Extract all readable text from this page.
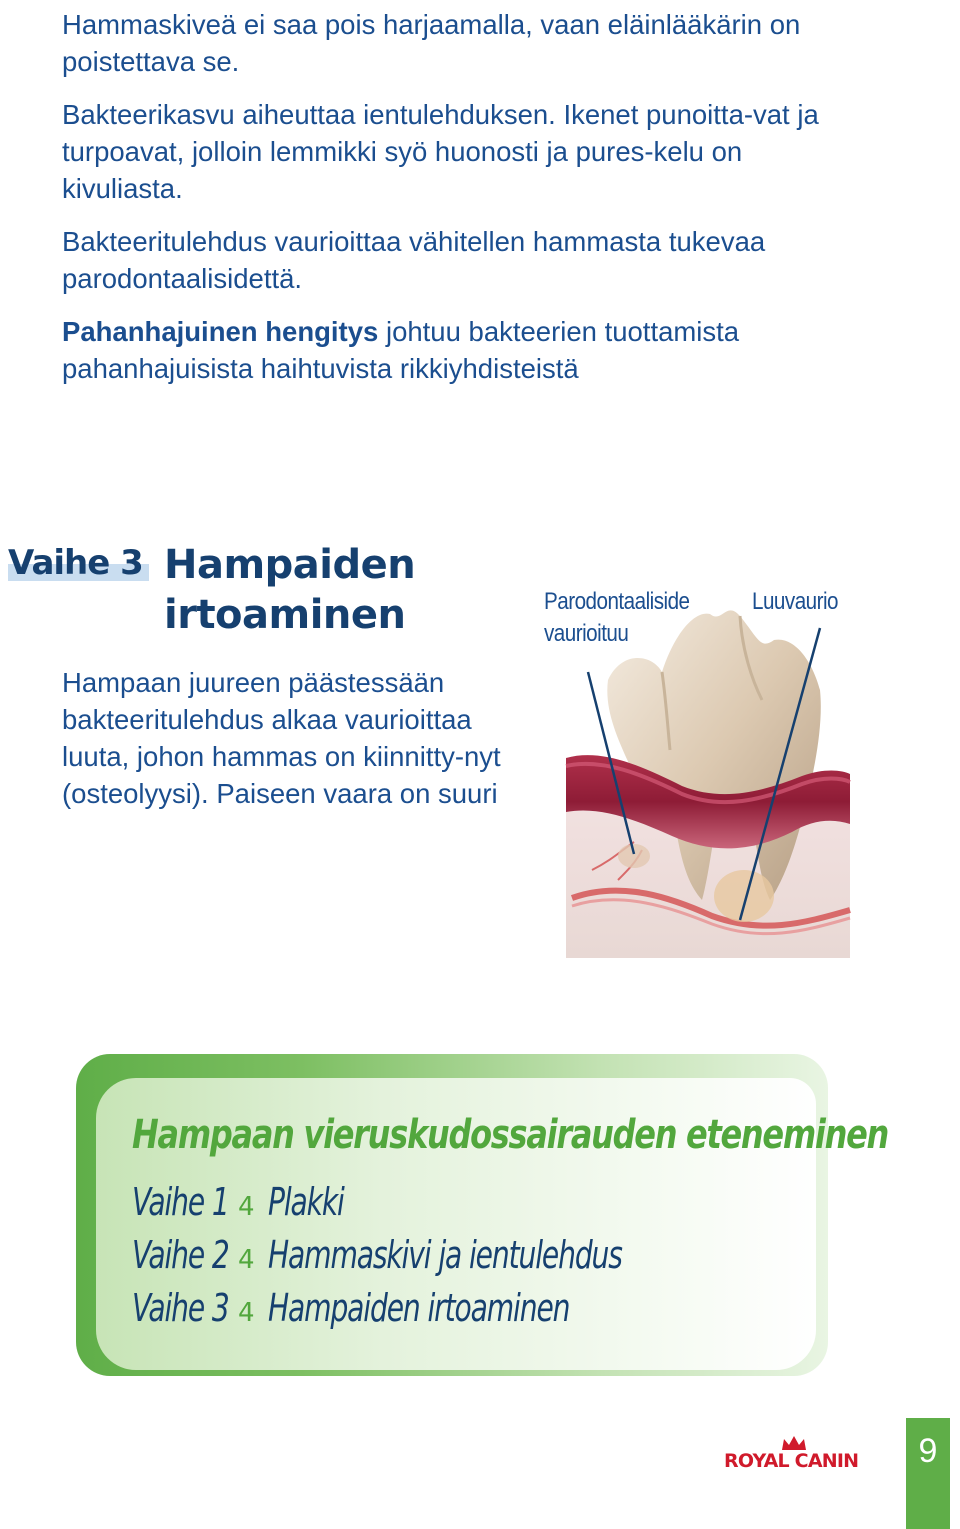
Hammaskiveä ei saa pois harjaamalla, vaan eläinlääkärin on poistettava se.
Bakteerikasvu aiheuttaa ientulehduksen. Ikenet punoitta-vat ja turpoavat, jolloin lemmikki syö huonosti ja pures-kelu on kivuliasta.
Bakteeritulehdus vaurioittaa vähitellen hammasta tukevaa parodontaalisidettä.
Pahanhajuinen hengitys johtuu bakteerien tuottamista pahanhajuisista haihtuvista rikkiyhdisteistä
Vaihe 3 Hampaiden
irtoaminen
Hampaan juureen päästessään bakteeritulehdus alkaa vaurioittaa luuta, johon hammas on kiinnitty-nyt (osteolyysi). Paiseen vaara on suuri
Parodontaaliside
vaurioituu
Luuvaurio
Hampaan vieruskudossairauden eteneminen
Vaihe 1 4 Plakki
Vaihe 2 4 Hammaskivi ja ientulehdus
Vaihe 3 4 Hampaiden irtoaminen
ROYAL CANIN	9
